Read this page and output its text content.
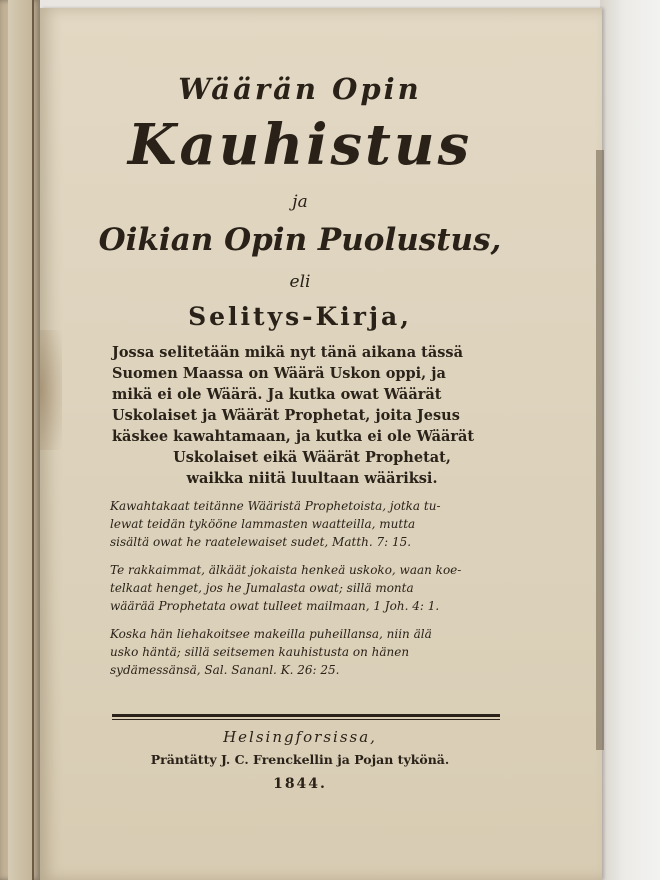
Wäärän Opin
Kauhistus
ja
Oikian Opin Puolustus,
eli
Selitys-Kirja,
Jossa selitetään mikä nyt tänä aikana tässä
Suomen Maassa on Wäärä Uskon oppi, ja
mikä ei ole Wäärä. Ja kutka owat Wäärät
Uskolaiset ja Wäärät Prophetat, joita Jesus
käskee kawahtamaan, ja kutka ei ole Wäärät
Uskolaiset eikä Wäärät Prophetat,
waikka niitä luultaan wääriksi.
Kawahtakaat teitänne Wääristä Prophetoista, jotka tu-
lewat teidän tykööne lammasten waatteilla, mutta
sisältä owat he raatelewaiset sudet, Matth. 7: 15.
Te rakkaimmat, älkäät jokaista henkeä uskoko, waan koe-
telkaat henget, jos he Jumalasta owat; sillä monta
wäärää Prophetata owat tulleet mailmaan, 1 Joh. 4: 1.
Koska hän liehakoitsee makeilla puheillansa, niin älä
usko häntä; sillä seitsemen kauhistusta on hänen
sydämessänsä, Sal. Sananl. K. 26: 25.
Helsingforsissa,
Präntätty J. C. Frenckellin ja Pojan tykönä.
1844.
